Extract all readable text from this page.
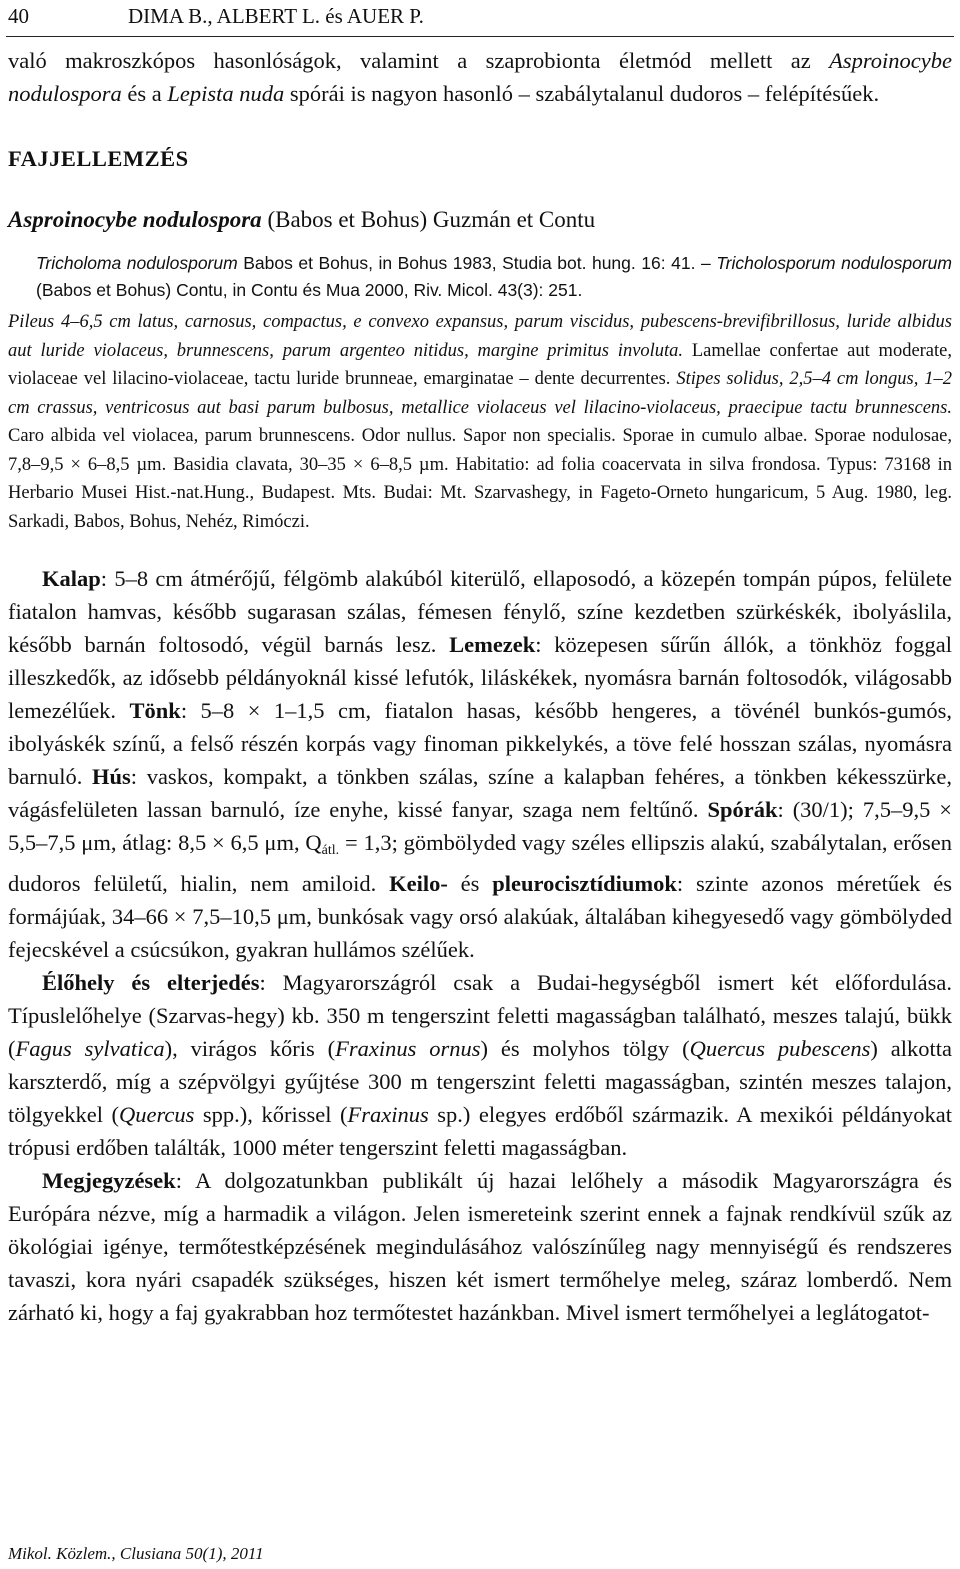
40	DIMA B., ALBERT L. és AUER P.

való makroszkópos hasonlóságok, valamint a szaprobionta életmód mellett az Asproinocybe nodulospora és a Lepista nuda spórái is nagyon hasonló – szabálytalanul dudoros – felépítésűek.

FAJJELLEMZÉS

Asproinocybe nodulospora (Babos et Bohus) Guzmán et Contu

Tricholoma nodulosporum Babos et Bohus, in Bohus 1983, Studia bot. hung. 16: 41. – Tricholosporum nodulosporum (Babos et Bohus) Contu, in Contu és Mua 2000, Riv. Micol. 43(3): 251.

Pileus 4–6,5 cm latus, carnosus, compactus, e convexo expansus, parum viscidus, pubescens-brevifibrillosus, luride albidus aut luride violaceus, brunnescens, parum argenteo nitidus, margine primitus involuta. Lamellae confertae aut moderate, violaceae vel lilacino-violaceae, tactu luride brunneae, emarginatae – dente decurrentes. Stipes solidus, 2,5–4 cm longus, 1–2 cm crassus, ventricosus aut basi parum bulbosus, metallice violaceus vel lilacino-violaceus, praecipue tactu brunnescens. Caro albida vel violacea, parum brunnescens. Odor nullus. Sapor non specialis. Sporae in cumulo albae. Sporae nodulosae, 7,8–9,5 × 6–8,5 µm. Basidia clavata, 30–35 × 6–8,5 µm. Habitatio: ad folia coacervata in silva frondosa. Typus: 73168 in Herbario Musei Hist.-nat.Hung., Budapest. Mts. Budai: Mt. Szarvashegy, in Fageto-Orneto hungaricum, 5 Aug. 1980, leg. Sarkadi, Babos, Bohus, Nehéz, Rimóczi.

Kalap: 5–8 cm átmérőjű, félgömb alakúból kiterülő, ellaposodó, a közepén tompán púpos, felülete fiatalon hamvas, később sugarasan szálas, fémesen fénylő, színe kezdetben szürkéskék, ibolyáslila, később barnán foltosodó, végül barnás lesz. Lemezek: közepesen sűrűn állók, a tönkhöz foggal illeszkedők, az idősebb példányoknál kissé lefutók, liláskékek, nyomásra barnán foltosodók, világosabb lemezélűek. Tönk: 5–8 × 1–1,5 cm, fiatalon hasas, később hengeres, a tövénél bunkós-gumós, ibolyáskék színű, a felső részén korpás vagy finoman pikkelykés, a töve felé hosszan szálas, nyomásra barnuló. Hús: vaskos, kompakt, a tönkben szálas, színe a kalapban fehéres, a tönkben kékesszürke, vágásfelületen lassan barnuló, íze enyhe, kissé fanyar, szaga nem feltűnő. Spórák: (30/1); 7,5–9,5 × 5,5–7,5 μm, átlag: 8,5 × 6,5 μm, $Q_{átl.} = 1,3$; gömbölyded vagy széles ellipszis alakú, szabálytalan, erősen dudoros felületű, hialin, nem amiloid. Keilo- és pleurocisztídiumok: szinte azonos méretűek és formájúak, 34–66 × 7,5–10,5 μm, bunkósak vagy orsó alakúak, általában kihegyesedő vagy gömbölyded fejecskével a csúcsúkon, gyakran hullámos szélűek.

Élőhely és elterjedés: Magyarországról csak a Budai-hegységből ismert két előfordulása. Típuslelőhelye (Szarvas-hegy) kb. 350 m tengerszint feletti magasságban található, meszes talajú, bükk (Fagus sylvatica), virágos kőris (Fraxinus ornus) és molyhos tölgy (Quercus pubescens) alkotta karszterdő, míg a szépvölgyi gyűjtése 300 m tengerszint feletti magasságban, szintén meszes talajon, tölgyekkel (Quercus spp.), kőrissel (Fraxinus sp.) elegyes erdőből származik. A mexikói példányokat trópusi erdőben találták, 1000 méter tengerszint feletti magasságban.

Megjegyzések: A dolgozatunkban publikált új hazai lelőhely a második Magyarországra és Európára nézve, míg a harmadik a világon. Jelen ismereteink szerint ennek a fajnak rendkívül szűk az ökológiai igénye, termőtestképzésének megindulásához valószínűleg nagy mennyiségű és rendszeres tavaszi, kora nyári csapadék szükséges, hiszen két ismert termőhelye meleg, száraz lomberdő. Nem zárható ki, hogy a faj gyakrabban hoz termőtestet hazánkban. Mivel ismert termőhelyei a leglátogatot-

Mikol. Közlem., Clusiana 50(1), 2011
